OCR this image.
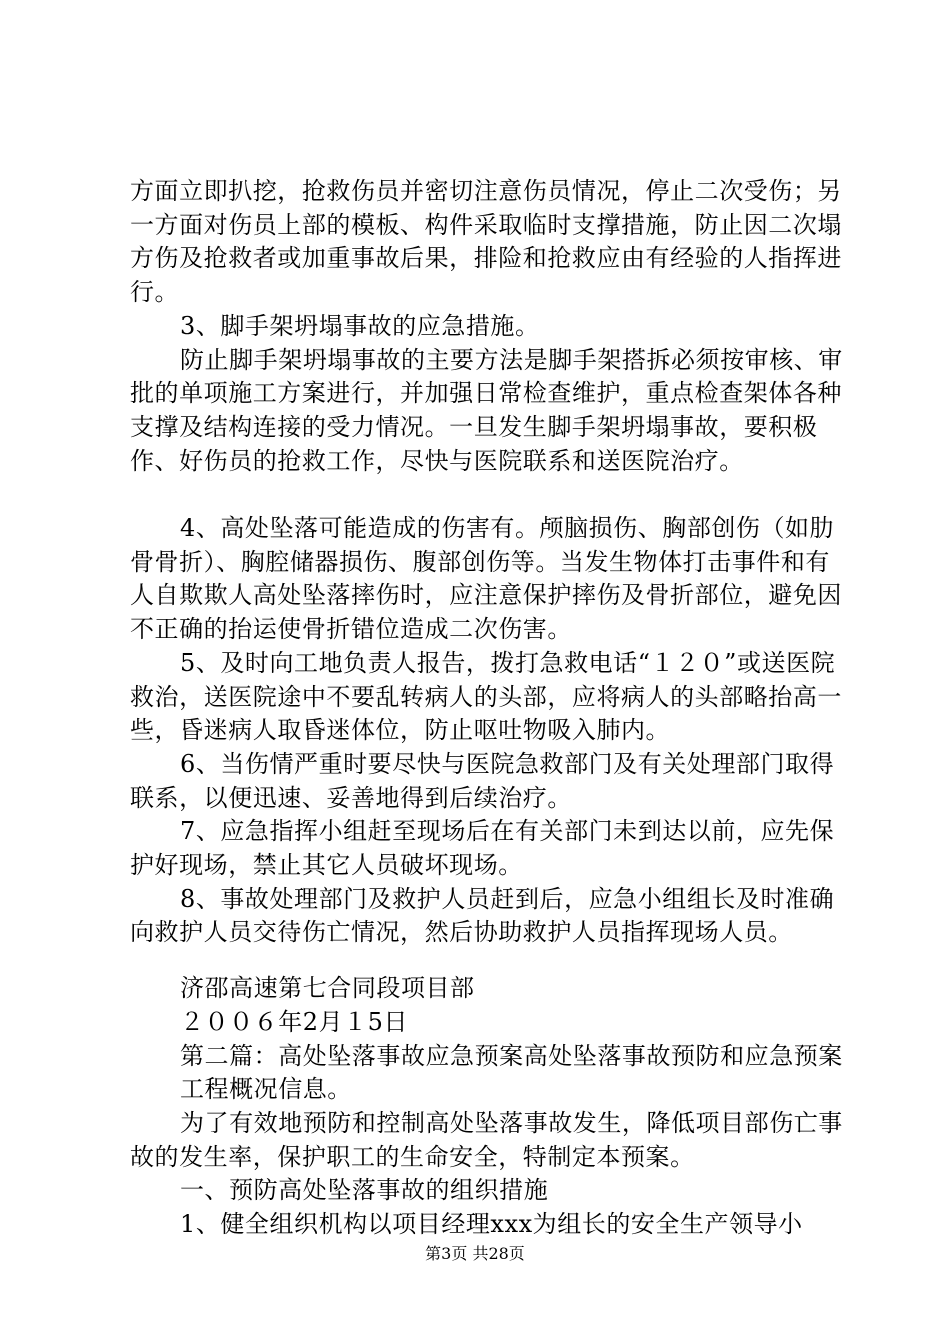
方面立即扒挖，抢救伤员并密切注意伤员情况，停止二次受伤；另一方面对伤员上部的模板、构件采取临时支撑措施，防止因二次塌方伤及抢救者或加重事故后果，排险和抢救应由有经验的人指挥进行。

3、脚手架坍塌事故的应急措施。

防止脚手架坍塌事故的主要方法是脚手架搭拆必须按审核、审批的单项施工方案进行，并加强日常检查维护，重点检查架体各种支撑及结构连接的受力情况。一旦发生脚手架坍塌事故，要积极作、好伤员的抢救工作，尽快与医院联系和送医院治疗。

4、高处坠落可能造成的伤害有。颅脑损伤、胸部创伤（如肋骨骨折）、胸腔储器损伤、腹部创伤等。当发生物体打击事件和有人自欺欺人高处坠落摔伤时，应注意保护摔伤及骨折部位，避免因不正确的抬运使骨折错位造成二次伤害。

5、及时向工地负责人报告，拨打急救电话“１２０”或送医院救治，送医院途中不要乱转病人的头部，应将病人的头部略抬高一些，昏迷病人取昏迷体位，防止呕吐物吸入肺内。

6、当伤情严重时要尽快与医院急救部门及有关处理部门取得联系，以便迅速、妥善地得到后续治疗。

7、应急指挥小组赶至现场后在有关部门未到达以前，应先保护好现场，禁止其它人员破坏现场。

8、事故处理部门及救护人员赶到后，应急小组组长及时准确向救护人员交待伤亡情况，然后协助救护人员指挥现场人员。

济邵高速第七合同段项目部

２００６年2月１5日

第二篇：高处坠落事故应急预案高处坠落事故预防和应急预案

工程概况信息。

为了有效地预防和控制高处坠落事故发生，降低项目部伤亡事故的发生率，保护职工的生命安全，特制定本预案。

一、预防高处坠落事故的组织措施

1、健全组织机构以项目经理xxx为组长的安全生产领导小

第3页 共28页
